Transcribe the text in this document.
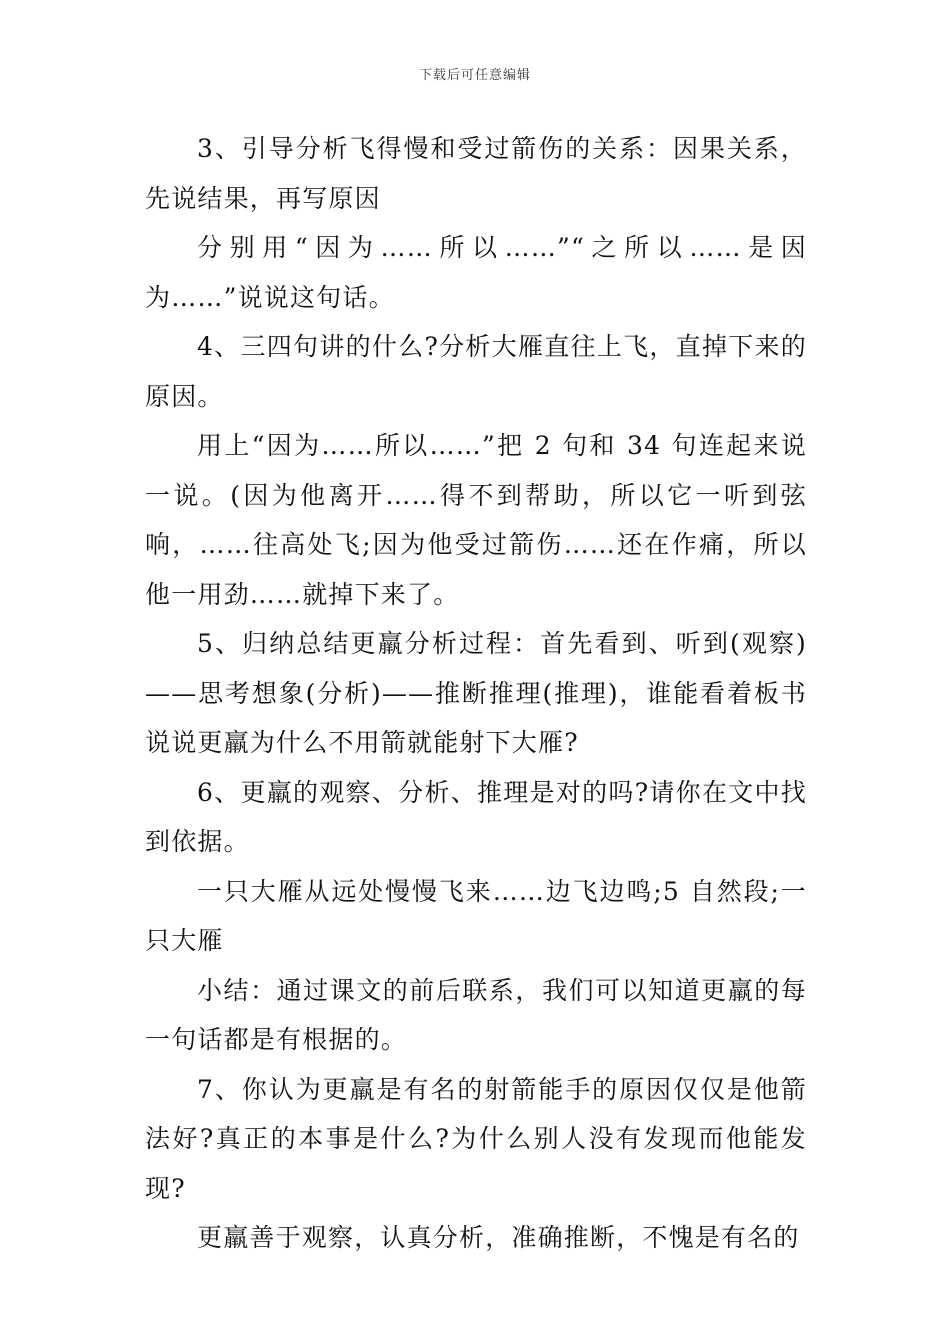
下载后可任意编辑

3、引导分析飞得慢和受过箭伤的关系：因果关系，先说结果，再写原因

分别用“因为……所以……”“之所以……是因为……”说说这句话。

4、三四句讲的什么?分析大雁直往上飞，直掉下来的原因。

用上“因为……所以……”把 2 句和 34 句连起来说一说。(因为他离开……得不到帮助，所以它一听到弦响，……往高处飞;因为他受过箭伤……还在作痛，所以他一用劲……就掉下来了。

5、归纳总结更羸分析过程：首先看到、听到(观察)——思考想象(分析)——推断推理(推理)，谁能看着板书说说更羸为什么不用箭就能射下大雁?

6、更羸的观察、分析、推理是对的吗?请你在文中找到依据。

一只大雁从远处慢慢飞来……边飞边鸣;5 自然段;一只大雁

小结：通过课文的前后联系，我们可以知道更羸的每一句话都是有根据的。

7、你认为更羸是有名的射箭能手的原因仅仅是他箭法好?真正的本事是什么?为什么别人没有发现而他能发现?

更羸善于观察，认真分析，准确推断，不愧是有名的
